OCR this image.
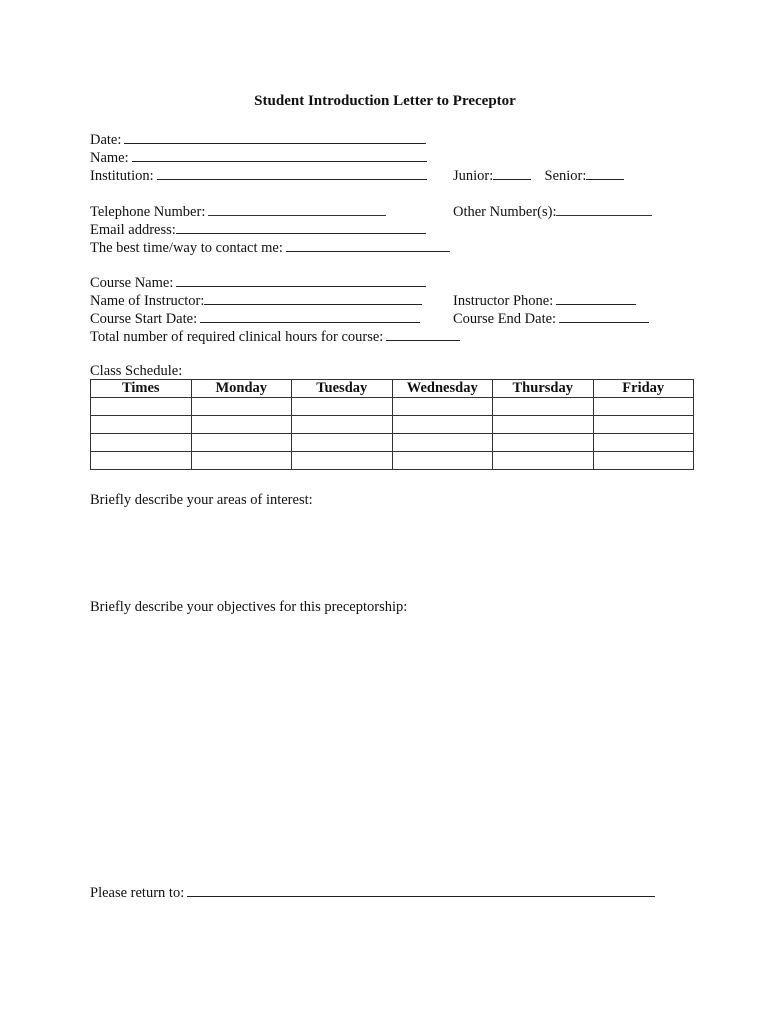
Student Introduction Letter to Preceptor
Date:
Name:
Institution:	Junior:	Senior:
Telephone Number:	Other Number(s):
Email address:
The best time/way to contact me:
Course Name:
Name of Instructor:	Instructor Phone:
Course Start Date:	Course End Date:
Total number of required clinical hours for course:
Class Schedule:
Times	Monday	Tuesday	Wednesday	Thursday	Friday

Briefly describe your areas of interest:
Briefly describe your objectives for this preceptorship:
Please return to:
